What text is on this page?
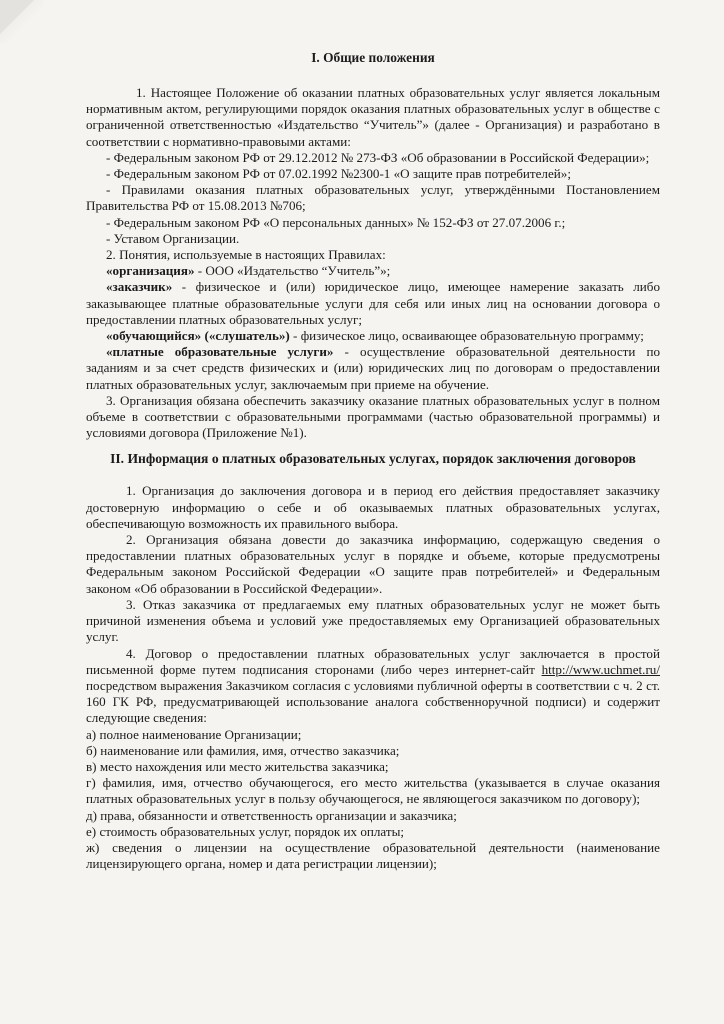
I. Общие положения

1. Настоящее Положение об оказании платных образовательных услуг является локальным нормативным актом, регулирующими порядок оказания платных образовательных услуг в обществе с ограниченной ответственностью «Издательство “Учитель”» (далее - Организация) и разработано в соответствии с нормативно-правовыми актами:

- Федеральным законом РФ от 29.12.2012 № 273-ФЗ «Об образовании в Российской Федерации»;

- Федеральным законом РФ от 07.02.1992 №2300-1 «О защите прав потребителей»;

- Правилами оказания платных образовательных услуг, утверждёнными Постановлением Правительства РФ от 15.08.2013 №706;

- Федеральным законом РФ «О персональных данных» № 152-ФЗ от 27.07.2006 г.;

- Уставом Организации.

2. Понятия, используемые в настоящих Правилах:

«организация» - ООО «Издательство “Учитель”»;

«заказчик» - физическое и (или) юридическое лицо, имеющее намерение заказать либо заказывающее платные образовательные услуги для себя или иных лиц на основании договора о предоставлении платных образовательных услуг;

«обучающийся» («слушатель») - физическое лицо, осваивающее образовательную программу;

«платные образовательные услуги» - осуществление образовательной деятельности по заданиям и за счет средств физических и (или) юридических лиц по договорам о предоставлении платных образовательных услуг, заключаемым при приеме на обучение.

3. Организация обязана обеспечить заказчику оказание платных образовательных услуг в полном объеме в соответствии с образовательными программами (частью образовательной программы) и условиями договора (Приложение №1).

II. Информация о платных образовательных услугах, порядок заключения договоров

1. Организация до заключения договора и в период его действия предоставляет заказчику достоверную информацию о себе и об оказываемых платных образовательных услугах, обеспечивающую возможность их правильного выбора.

2. Организация обязана довести до заказчика информацию, содержащую сведения о предоставлении платных образовательных услуг в порядке и объеме, которые предусмотрены Федеральным законом Российской Федерации «О защите прав потребителей» и Федеральным законом «Об образовании в Российской Федерации».

3. Отказ заказчика от предлагаемых ему платных образовательных услуг не может быть причиной изменения объема и условий уже предоставляемых ему Организацией образовательных услуг.

4. Договор о предоставлении платных образовательных услуг заключается в простой письменной форме путем подписания сторонами (либо через интернет-сайт http://www.uchmet.ru/ посредством выражения Заказчиком согласия с условиями публичной оферты в соответствии с ч. 2 ст. 160 ГК РФ, предусматривающей использование аналога собственноручной подписи) и содержит следующие сведения:

а) полное наименование Организации;

б) наименование или фамилия, имя, отчество заказчика;

в) место нахождения или место жительства заказчика;

г) фамилия, имя, отчество обучающегося, его место жительства (указывается в случае оказания платных образовательных услуг в пользу обучающегося, не являющегося заказчиком по договору);

д) права, обязанности и ответственность организации и заказчика;

е) стоимость образовательных услуг, порядок их оплаты;

ж) сведения о лицензии на осуществление образовательной деятельности (наименование лицензирующего органа, номер и дата регистрации лицензии);
